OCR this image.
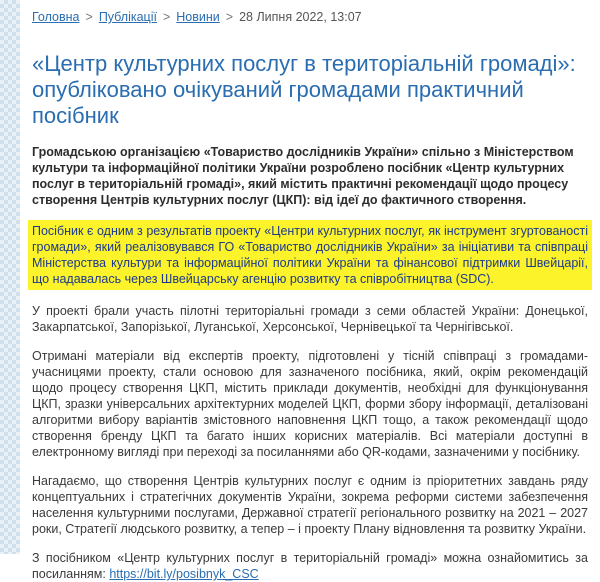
Головна > Публікації > Новини > 28 Липня 2022, 13:07
«Центр культурних послуг в територіальній громаді»: опубліковано очікуваний громадами практичний посібник
Громадською організацією «Товариство дослідників України» спільно з Міністерством культури та інформаційної політики України розроблено посібник «Центр культурних послуг в територіальній громаді», який містить практичні рекомендації щодо процесу створення Центрів культурних послуг (ЦКП): від ідеї до фактичного створення.
Посібник є одним з результатів проекту «Центри культурних послуг, як інструмент згуртованості громади», який реалізовувався ГО «Товариство дослідників України» за ініціативи та співпраці Міністерства культури та інформаційної політики України та фінансової підтримки Швейцарії, що надавалась через Швейцарську агенцію розвитку та співробітництва (SDC).

У проекті брали участь пілотні територіальні громади з семи областей України: Донецької, Закарпатської, Запорізької, Луганської, Херсонської, Чернівецької та Чернігівської.

Отримані матеріали від експертів проекту, підготовлені у тісній співпраці з громадами-учасницями проекту, стали основою для зазначеного посібника, який, окрім рекомендацій щодо процесу створення ЦКП, містить приклади документів, необхідні для функціонування ЦКП, зразки універсальних архітектурних моделей ЦКП, форми збору інформації, деталізовані алгоритми вибору варіантів змістовного наповнення ЦКП тощо, а також рекомендації щодо створення бренду ЦКП та багато інших корисних матеріалів. Всі матеріали доступні в електронному вигляді при переході за посиланнями або QR-кодами, зазначеними у посібнику.

Нагадаємо, що створення Центрів культурних послуг є одним із пріоритетних завдань ряду концептуальних і стратегічних документів України, зокрема реформи системи забезпечення населення культурними послугами, Державної стратегії регіонального розвитку на 2021 – 2027 роки, Стратегії людського розвитку, а тепер – і проекту Плану відновлення та розвитку України.

З посібником «Центр культурних послуг в територіальній громаді» можна ознайомитись за посиланням: https://bit.ly/posibnyk_CSC
